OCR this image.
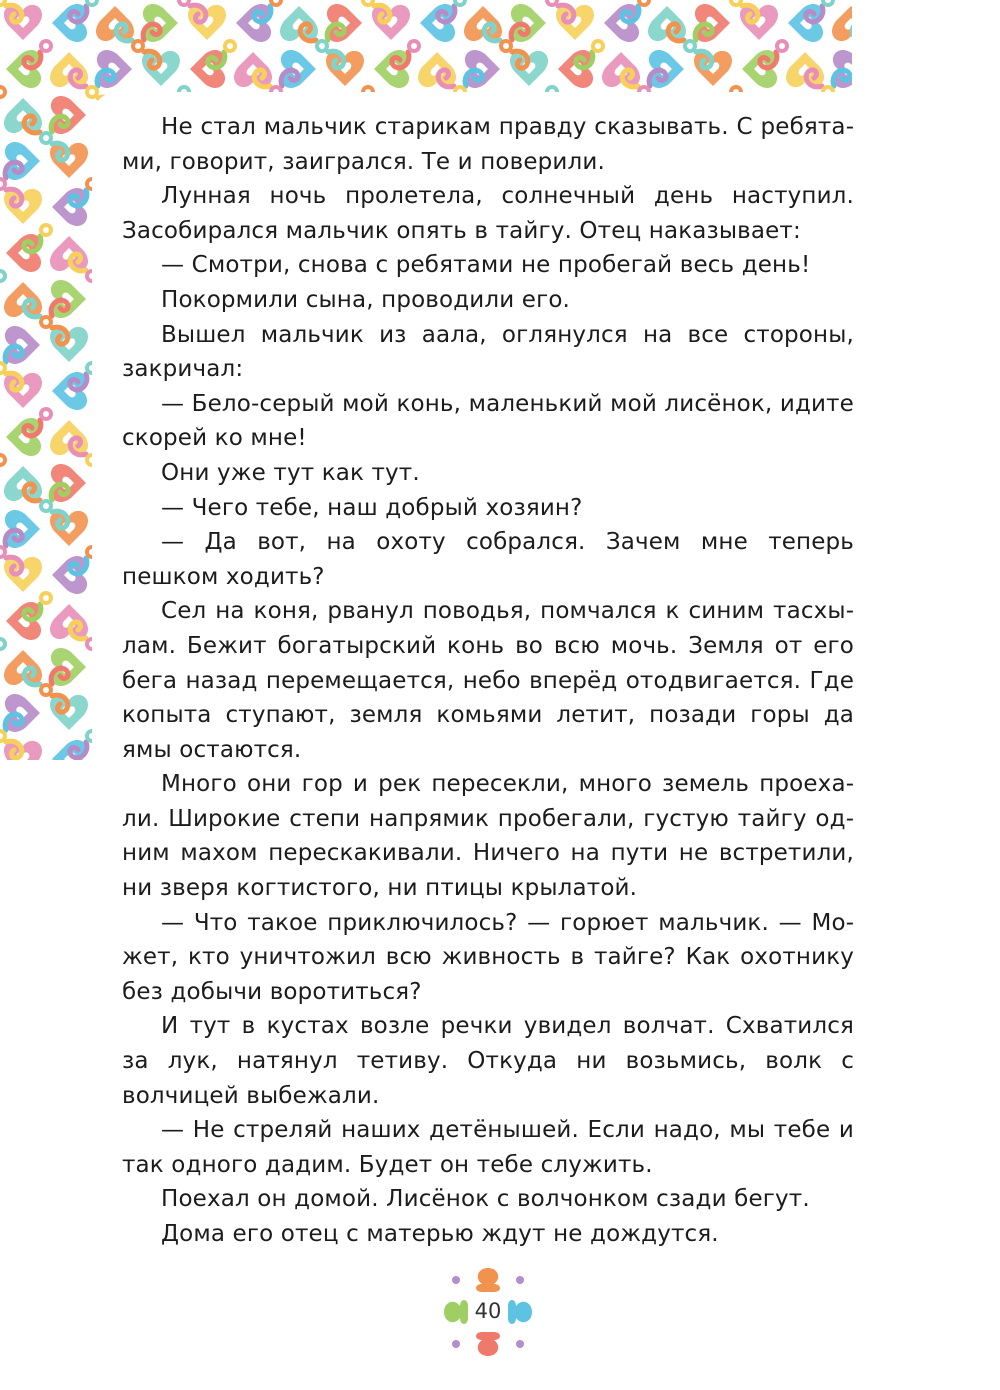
Не стал мальчик старикам правду сказывать. С ребятами, говорит, заигрался. Те и поверили.

Лунная ночь пролетела, солнечный день наступил. Засобирался мальчик опять в тайгу. Отец наказывает:

— Смотри, снова с ребятами не пробегай весь день!

Покормили сына, проводили его.

Вышел мальчик из аала, оглянулся на все стороны, закричал:

— Бело-серый мой конь, маленький мой лисёнок, идите скорей ко мне!

Они уже тут как тут.

— Чего тебе, наш добрый хозяин?

— Да вот, на охоту собрался. Зачем мне теперь пешком ходить?

Сел на коня, рванул поводья, помчался к синим тасхылам. Бежит богатырский конь во всю мочь. Земля от его бега назад перемещается, небо вперёд отодвигается. Где копыта ступают, земля комьями летит, позади горы да ямы остаются.

Много они гор и рек пересекли, много земель проехали. Широкие степи напрямик пробегали, густую тайгу одним махом перескакивали. Ничего на пути не встретили, ни зверя когтистого, ни птицы крылатой.

— Что такое приключилось? — горюет мальчик. — Может, кто уничтожил всю живность в тайге? Как охотнику без добычи воротиться?

И тут в кустах возле речки увидел волчат. Схватился за лук, натянул тетиву. Откуда ни возьмись, волк с волчицей выбежали.

— Не стреляй наших детёнышей. Если надо, мы тебе и так одного дадим. Будет он тебе служить.

Поехал он домой. Лисёнок с волчонком сзади бегут.

Дома его отец с матерью ждут не дождутся.

40
